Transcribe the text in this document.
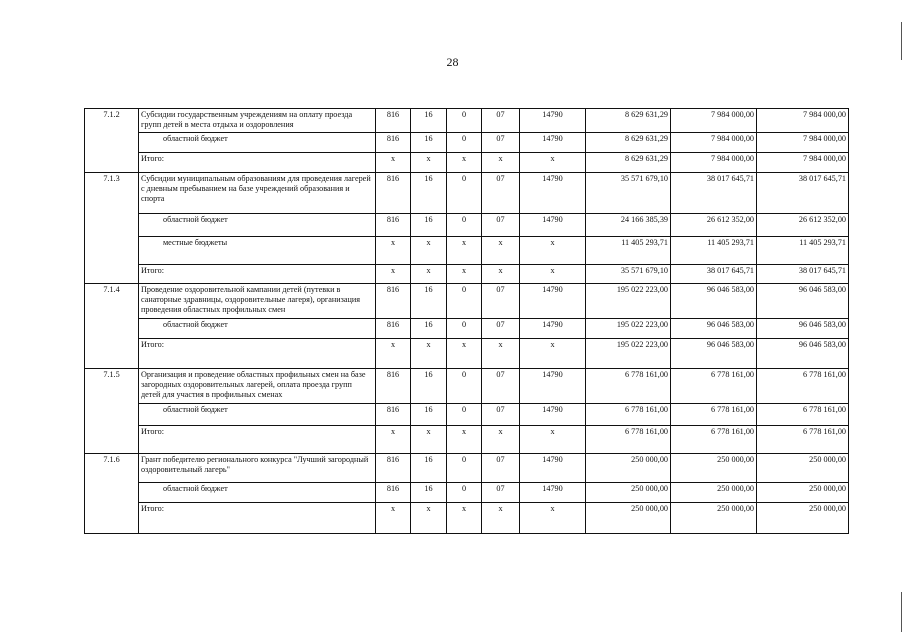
28
7.1.2	Субсидии государственным учреждениям на оплату проезда групп детей в места отдыха и оздоровления	816	16	0	07	14790	8 629 631,29	7 984 000,00	7 984 000,00
	областной бюджет	816	16	0	07	14790	8 629 631,29	7 984 000,00	7 984 000,00
	Итого:	x	x	x	x	x	8 629 631,29	7 984 000,00	7 984 000,00
7.1.3	Субсидии муниципальным образованиям для проведения лагерей с дневным пребыванием на базе учреждений образования и спорта	816	16	0	07	14790	35 571 679,10	38 017 645,71	38 017 645,71
	областной бюджет	816	16	0	07	14790	24 166 385,39	26 612 352,00	26 612 352,00
	местные бюджеты	x	x	x	x	x	11 405 293,71	11 405 293,71	11 405 293,71
	Итого:	x	x	x	x	x	35 571 679,10	38 017 645,71	38 017 645,71
7.1.4	Проведение оздоровительной кампании детей (путевки в санаторные здравницы, оздоровительные лагеря), организация проведения областных профильных смен	816	16	0	07	14790	195 022 223,00	96 046 583,00	96 046 583,00
	областной бюджет	816	16	0	07	14790	195 022 223,00	96 046 583,00	96 046 583,00
	Итого:	x	x	x	x	x	195 022 223,00	96 046 583,00	96 046 583,00
7.1.5	Организация и проведение областных профильных смен на базе загородных оздоровительных лагерей, оплата проезда групп детей для участия в профильных сменах	816	16	0	07	14790	6 778 161,00	6 778 161,00	6 778 161,00
	областной бюджет	816	16	0	07	14790	6 778 161,00	6 778 161,00	6 778 161,00
	Итого:	x	x	x	x	x	6 778 161,00	6 778 161,00	6 778 161,00
7.1.6	Грант победителю регионального конкурса "Лучший загородный оздоровительный лагерь"	816	16	0	07	14790	250 000,00	250 000,00	250 000,00
	областной бюджет	816	16	0	07	14790	250 000,00	250 000,00	250 000,00
	Итого:	x	x	x	x	x	250 000,00	250 000,00	250 000,00
